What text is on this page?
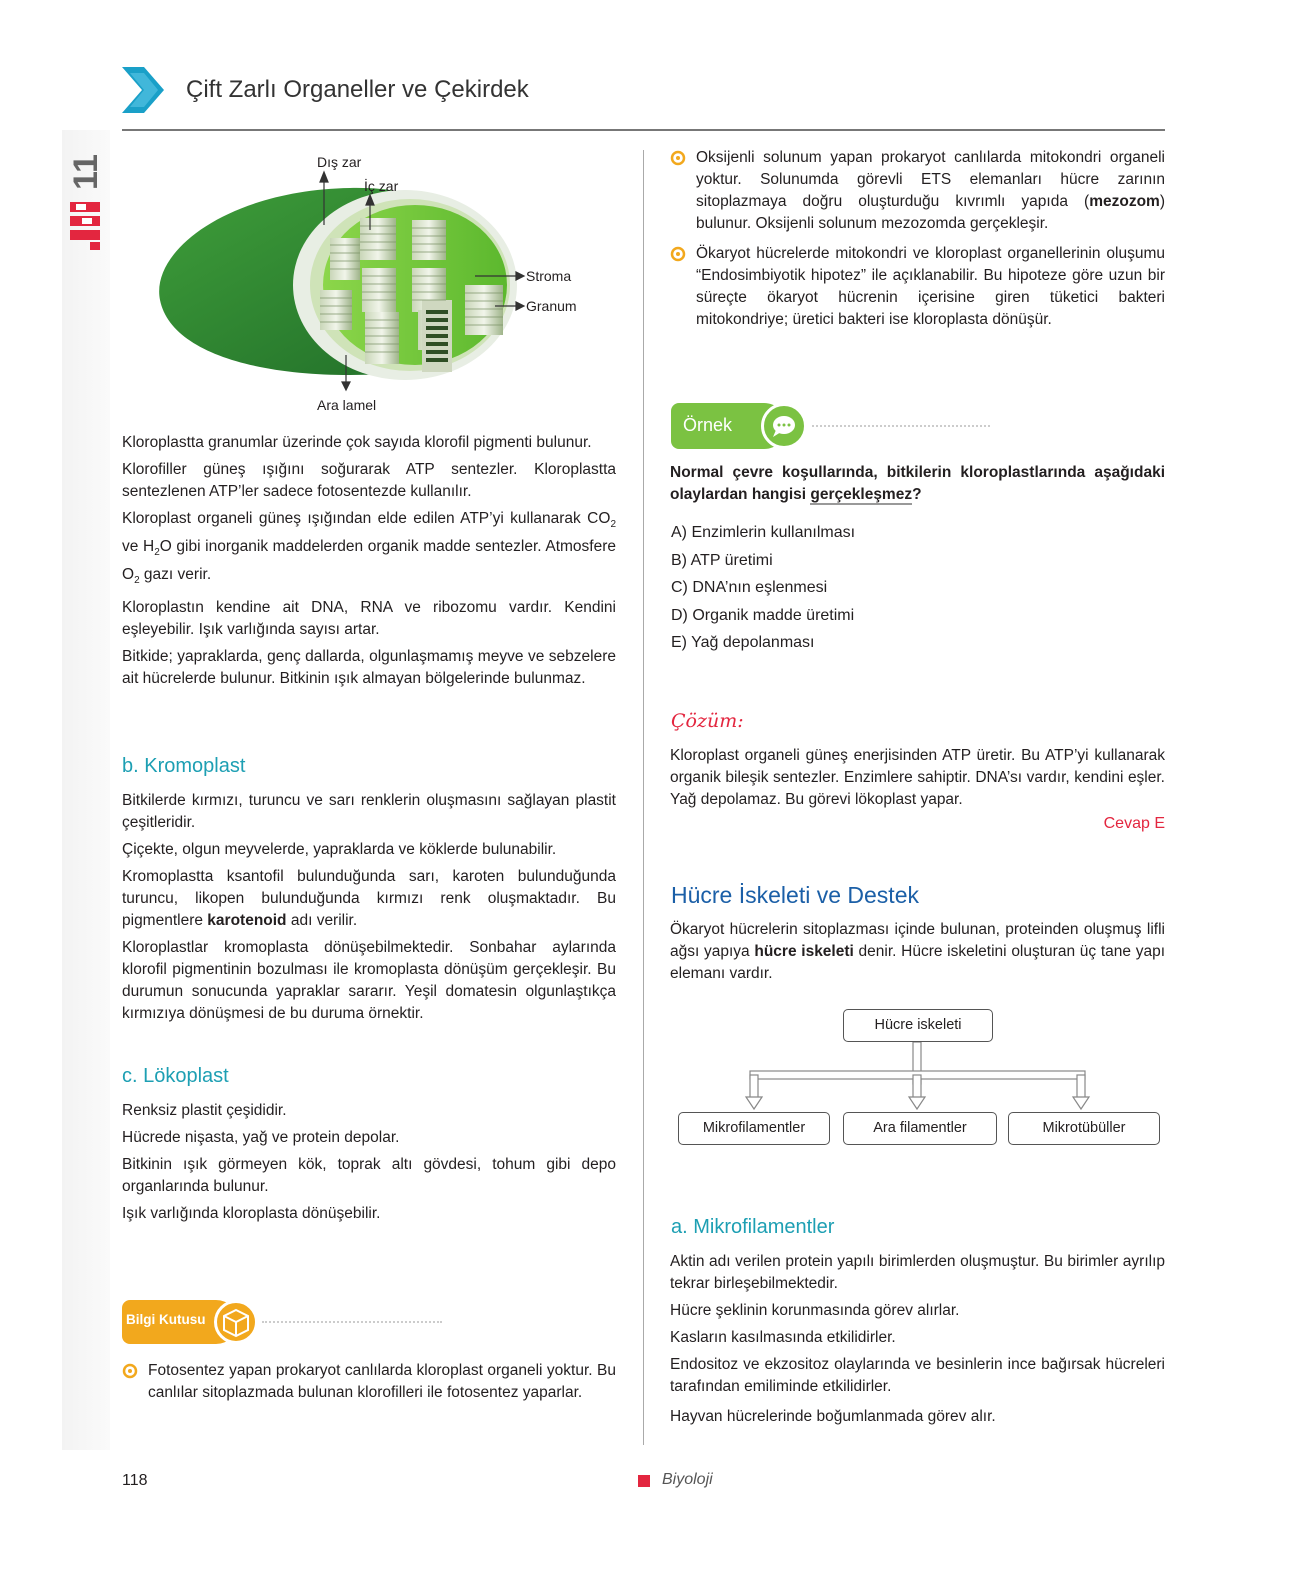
Çift Zarlı Organeller ve Çekirdek
11	Dış zar
İç zar
Stroma
Granum
Ara lamel

Kloroplastta granumlar üzerinde çok sayıda klorofil pigmenti bulunur.

Klorofiller güneş ışığını soğurarak ATP sentezler. Kloroplastta sentezlenen ATP’ler sadece fotosentezde kullanılır.

Kloroplast organeli güneş ışığından elde edilen ATP’yi kullanarak $CO_2$ ve $H_2O$ gibi inorganik maddelerden organik madde sentezler. Atmosfere $O_2$ gazı verir.

Kloroplastın kendine ait DNA, RNA ve ribozomu vardır. Kendini eşleyebilir. Işık varlığında sayısı artar.

Bitkide; yapraklarda, genç dallarda, olgunlaşmamış meyve ve sebzelere ait hücrelerde bulunur. Bitkinin ışık almayan bölgelerinde bulunmaz.

b. Kromoplast

Bitkilerde kırmızı, turuncu ve sarı renklerin oluşmasını sağlayan plastit çeşitleridir.

Çiçekte, olgun meyvelerde, yapraklarda ve köklerde bulunabilir.

Kromoplastta ksantofil bulunduğunda sarı, karoten bulunduğunda turuncu, likopen bulunduğunda kırmızı renk oluşmaktadır. Bu pigmentlere karotenoid adı verilir.

Kloroplastlar kromoplasta dönüşebilmektedir. Sonbahar aylarında klorofil pigmentinin bozulması ile kromoplasta dönüşüm gerçekleşir. Bu durumun sonucunda yapraklar sararır. Yeşil domatesin olgunlaştıkça kırmızıya dönüşmesi de bu duruma örnektir.

c. Lökoplast

Renksiz plastit çeşididir.

Hücrede nişasta, yağ ve protein depolar.

Bitkinin ışık görmeyen kök, toprak altı gövdesi, tohum gibi depo organlarında bulunur.

Işık varlığında kloroplasta dönüşebilir.

Bilgi Kutusu
Fotosentez yapan prokaryot canlılarda kloroplast organeli yoktur. Bu canlılar sitoplazmada bulunan klorofilleri ile fotosentez yaparlar.
Oksijenli solunum yapan prokaryot canlılarda mitokondri organeli yoktur. Solunumda görevli ETS elemanları hücre zarının sitoplazmaya doğru oluşturduğu kıvrımlı yapıda (mezozom) bulunur. Oksijenli solunum mezozomda gerçekleşir.
Ökaryot hücrelerde mitokondri ve kloroplast organellerinin oluşumu “Endosimbiyotik hipotez” ile açıklanabilir. Bu hipoteze göre uzun bir süreçte ökaryot hücrenin içerisine giren tüketici bakteri mitokondriye; üretici bakteri ise kloroplasta dönüşür.
Örnek
Normal çevre koşullarında, bitkilerin kloroplastlarında aşağıdaki olaylardan hangisi gerçekleşmez?
A) Enzimlerin kullanılması
B) ATP üretimi
C) DNA’nın eşlenmesi
D) Organik madde üretimi
E) Yağ depolanması
Çözüm:
Kloroplast organeli güneş enerjisinden ATP üretir. Bu ATP’yi kullanarak organik bileşik sentezler. Enzimlere sahiptir. DNA’sı vardır, kendini eşler. Yağ depolamaz. Bu görevi lökoplast yapar.
Cevap E
Hücre İskeleti ve Destek
Ökaryot hücrelerin sitoplazması içinde bulunan, proteinden oluşmuş lifli ağsı yapıya hücre iskeleti denir. Hücre iskeletini oluşturan üç tane yapı elemanı vardır.
Hücre iskeleti
Mikrofilamentler	Ara filamentler	Mikrotübüller
a. Mikrofilamentler

Aktin adı verilen protein yapılı birimlerden oluşmuştur. Bu birimler ayrılıp tekrar birleşebilmektedir.

Hücre şeklinin korunmasında görev alırlar.

Kasların kasılmasında etkilidirler.

Endositoz ve ekzositoz olaylarında ve besinlerin ince bağırsak hücreleri tarafından emiliminde etkilidirler.

Hayvan hücrelerinde boğumlanmada görev alır.

118	Biyoloji
